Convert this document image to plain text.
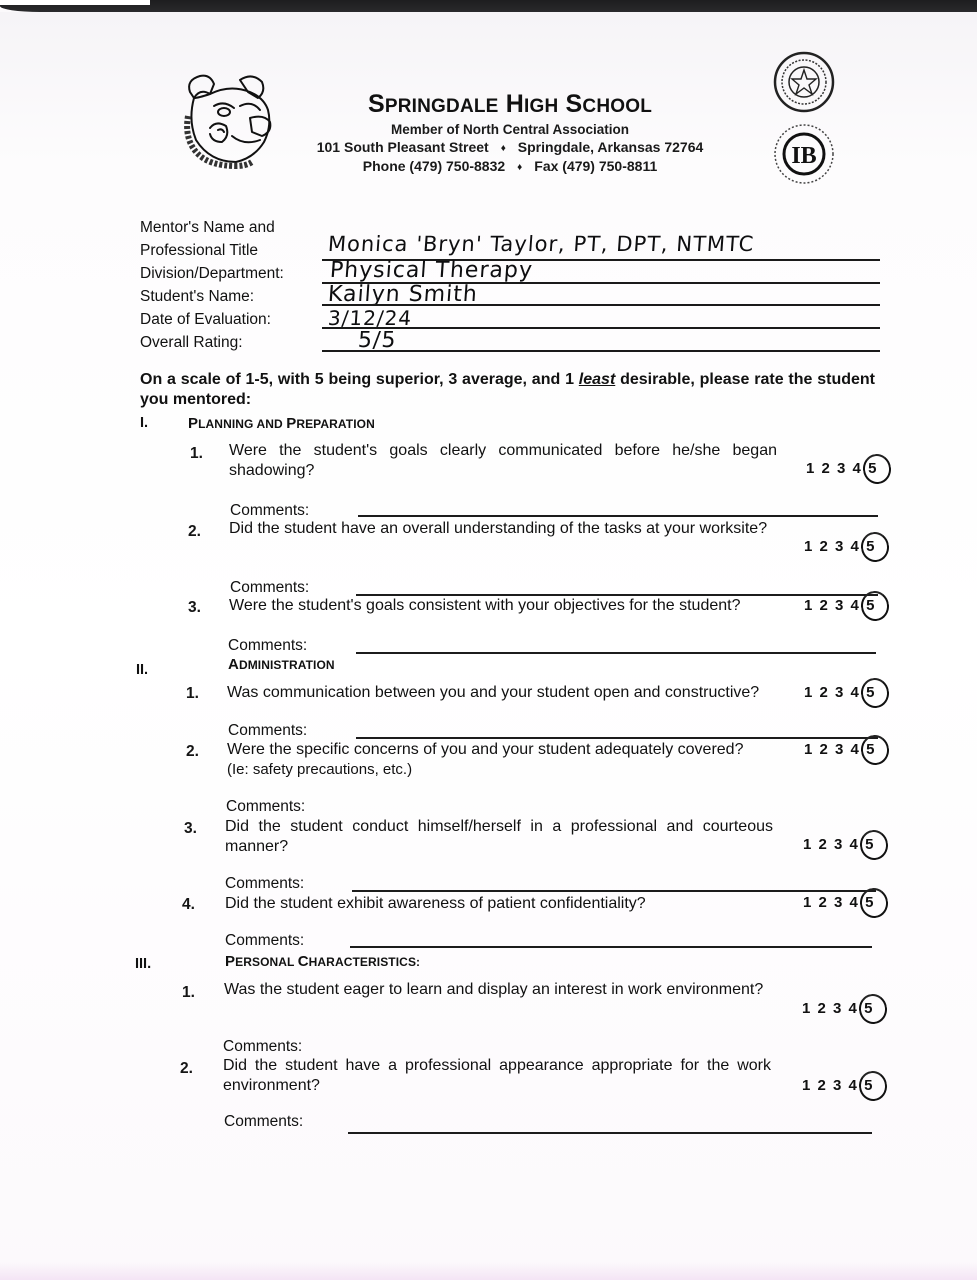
IB
SPRINGDALE HIGH SCHOOL
Member of North Central Association
101 South Pleasant Street ♦ Springdale, Arkansas 72764
Phone (479) 750-8832 ♦ Fax (479) 750-8811
Mentor's Name and
Professional Title	Monica 'Bryn' Taylor, PT, DPT, NTMTC
Division/Department: Physical Therapy
Student's Name:	Kailyn Smith
Date of Evaluation:	3/12/24
Overall Rating:	5/5
On a scale of 1-5, with 5 being superior, 3 average, and 1 least desirable, please rate the student you mentored:
I.	PLANNING AND PREPARATION
1. Were the student's goals clearly communicated before he/she began shadowing?	1 2 3 4 5
Comments:
2. Did the student have an overall understanding of the tasks at your worksite?
1 2 3 4 5
Comments:
3. Were the student's goals consistent with your objectives for the student?	1 2 3 4 5
Comments:
II.	ADMINISTRATION
1. Was communication between you and your student open and constructive?	1 2 3 4 5
Comments:
2. Were the specific concerns of you and your student adequately covered?
(Ie: safety precautions, etc.)
1 2 3 4 5
Comments:
3. Did the student conduct himself/herself in a professional and courteous manner?	1 2 3 4 5
Comments:
4. Did the student exhibit awareness of patient confidentiality?	1 2 3 4 5
Comments:
III.	PERSONAL CHARACTERISTICS:
1. Was the student eager to learn and display an interest in work environment?
1 2 3 4 5
Comments:
2. Did the student have a professional appearance appropriate for the work environment?	1 2 3 4 5
Comments:
